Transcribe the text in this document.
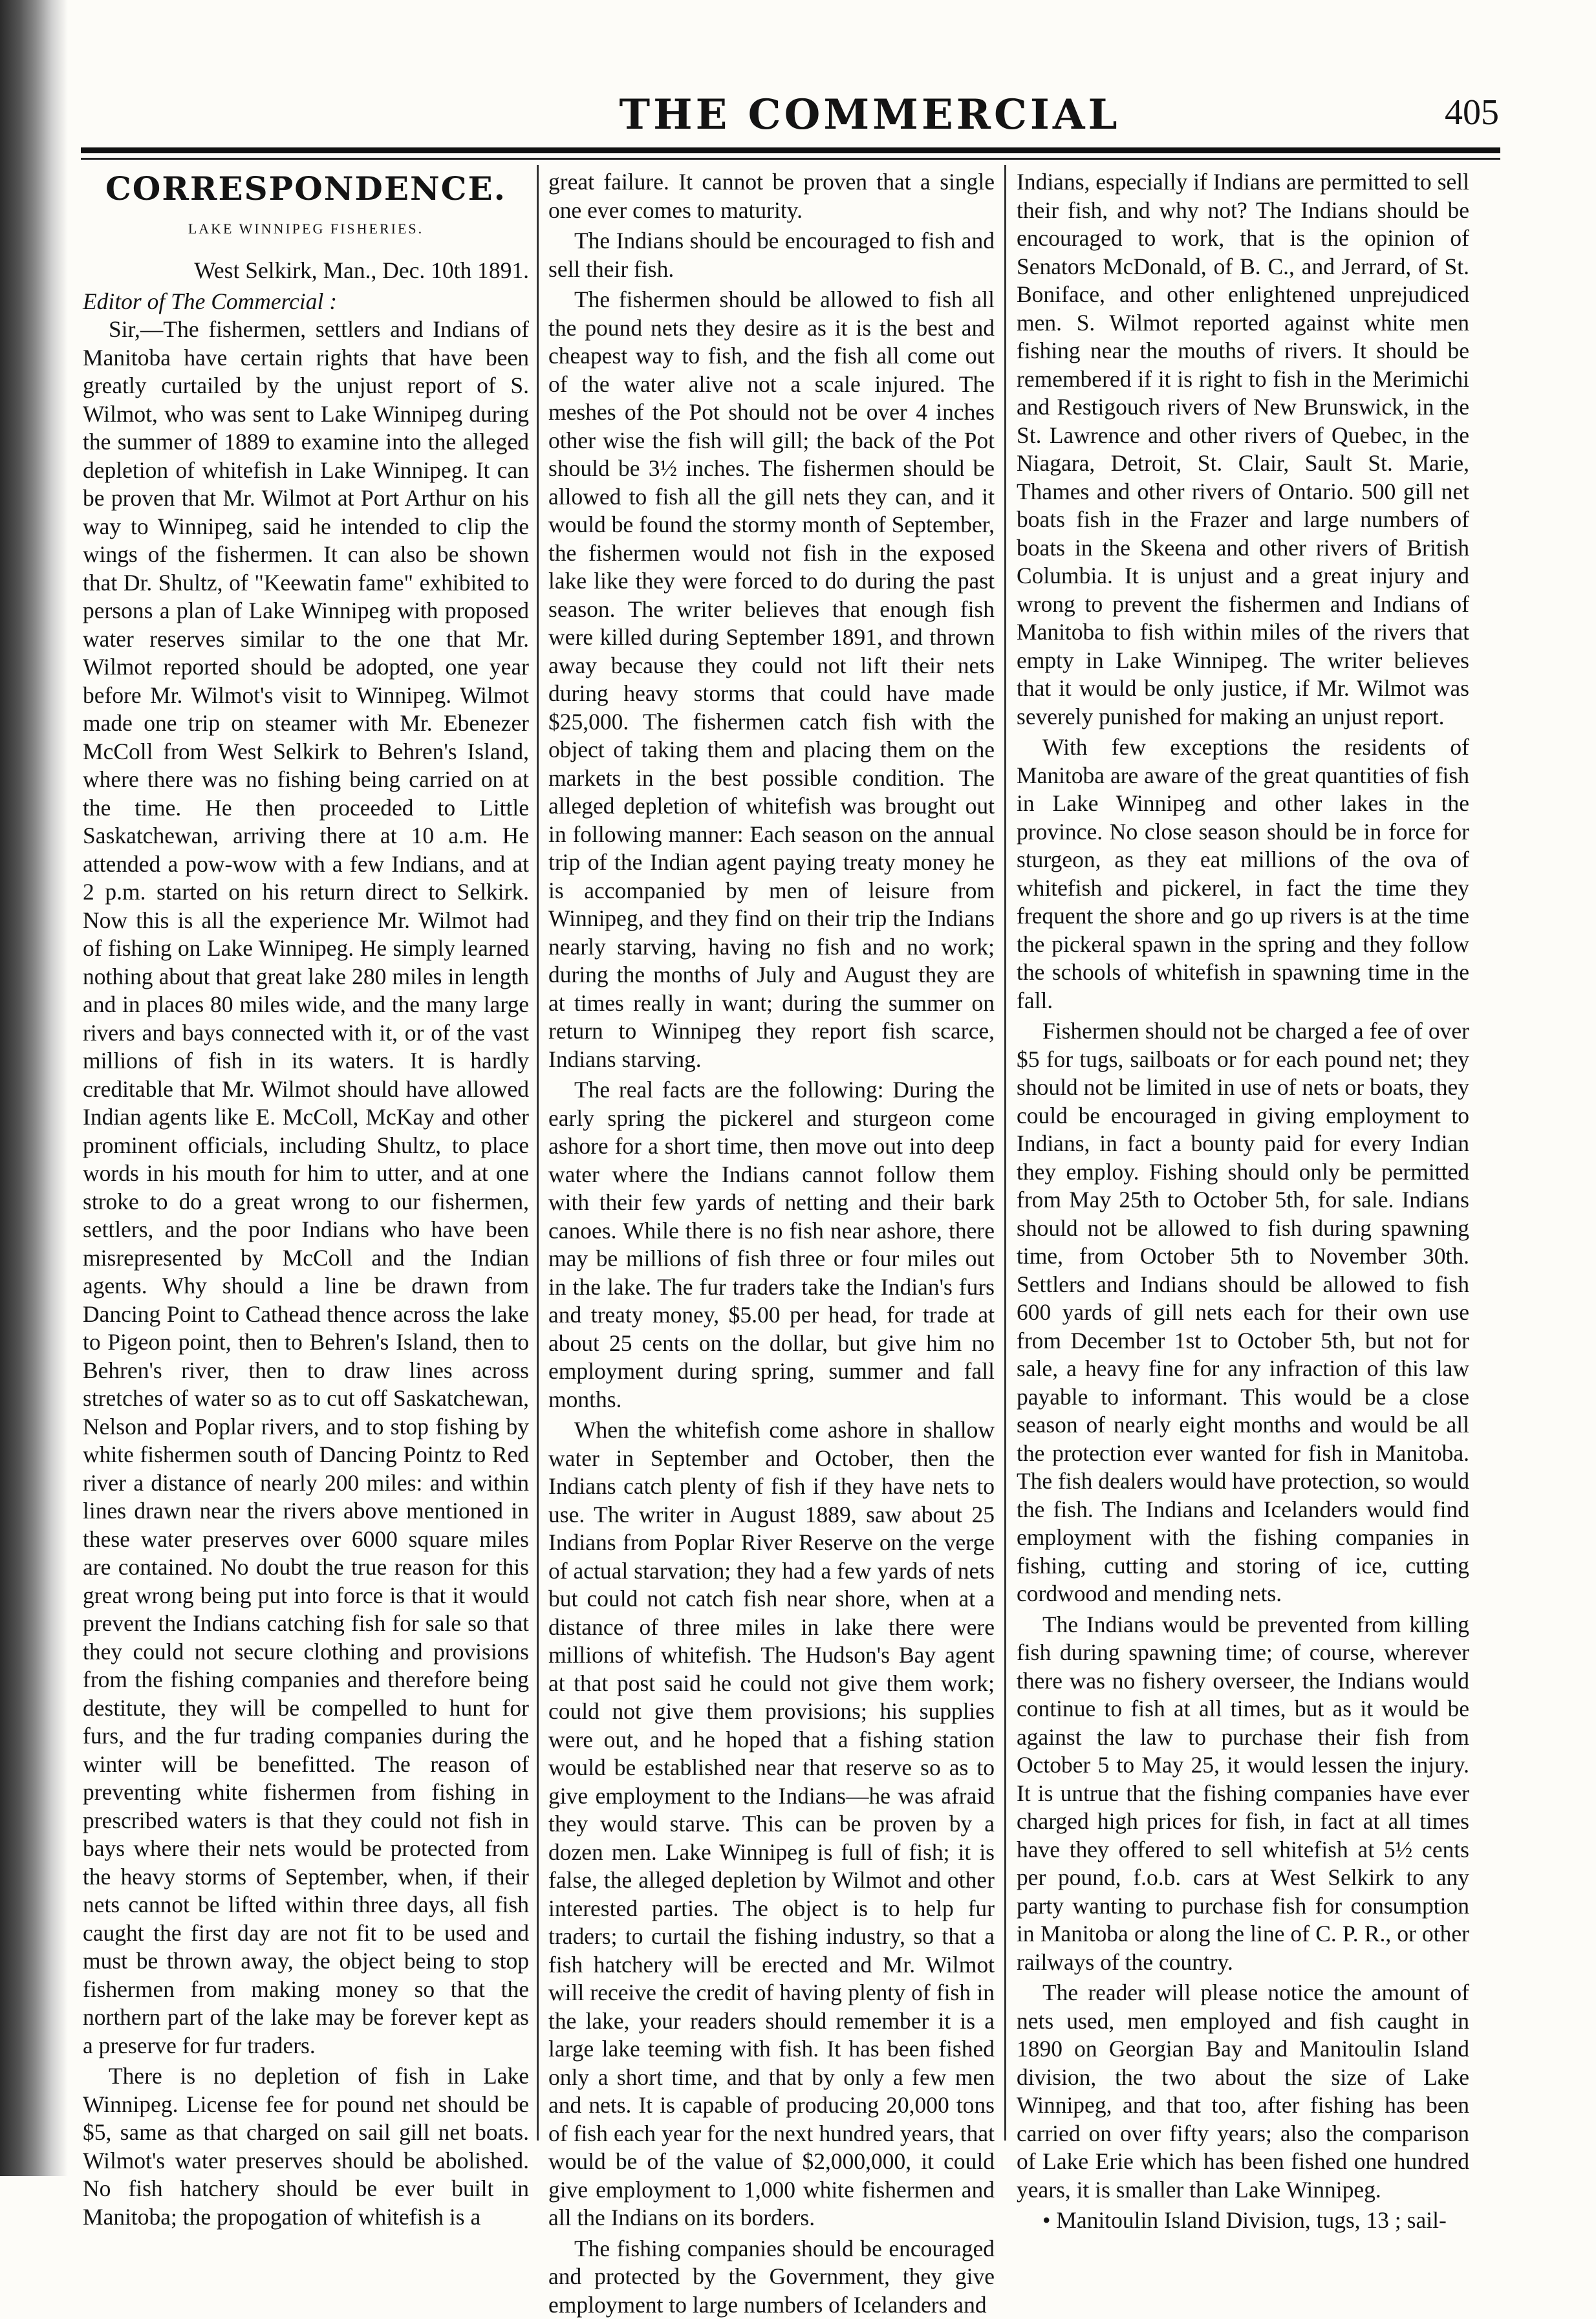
THE COMMERCIAL	405
CORRESPONDENCE.
LAKE WINNIPEG FISHERIES.
West Selkirk, Man., Dec. 10th 1891.
Editor of The Commercial :

Sir,—The fishermen, settlers and Indians of Manitoba have certain rights that have been greatly curtailed by the unjust report of S. Wilmot, who was sent to Lake Winnipeg during the summer of 1889 to examine into the alleged depletion of whitefish in Lake Winnipeg. It can be proven that Mr. Wilmot at Port Arthur on his way to Winnipeg, said he intended to clip the wings of the fishermen. It can also be shown that Dr. Shultz, of "Keewatin fame" exhibited to persons a plan of Lake Winnipeg with proposed water reserves similar to the one that Mr. Wilmot reported should be adopted, one year before Mr. Wilmot's visit to Winnipeg. Wilmot made one trip on steamer with Mr. Ebenezer McColl from West Selkirk to Behren's Island, where there was no fishing being carried on at the time. He then proceeded to Little Saskatchewan, arriving there at 10 a.m. He attended a pow-wow with a few Indians, and at 2 p.m. started on his return direct to Selkirk. Now this is all the experience Mr. Wilmot had of fishing on Lake Winnipeg. He simply learned nothing about that great lake 280 miles in length and in places 80 miles wide, and the many large rivers and bays connected with it, or of the vast millions of fish in its waters. It is hardly creditable that Mr. Wilmot should have allowed Indian agents like E. McColl, McKay and other prominent officials, including Shultz, to place words in his mouth for him to utter, and at one stroke to do a great wrong to our fishermen, settlers, and the poor Indians who have been misrepresented by McColl and the Indian agents. Why should a line be drawn from Dancing Point to Cathead thence across the lake to Pigeon point, then to Behren's Island, then to Behren's river, then to draw lines across stretches of water so as to cut off Saskatchewan, Nelson and Poplar rivers, and to stop fishing by white fishermen south of Dancing Pointz to Red river a distance of nearly 200 miles: and within lines drawn near the rivers above mentioned in these water preserves over 6000 square miles are contained. No doubt the true reason for this great wrong being put into force is that it would prevent the Indians catching fish for sale so that they could not secure clothing and provisions from the fishing companies and therefore being destitute, they will be compelled to hunt for furs, and the fur trading companies during the winter will be benefitted. The reason of preventing white fishermen from fishing in prescribed waters is that they could not fish in bays where their nets would be protected from the heavy storms of September, when, if their nets cannot be lifted within three days, all fish caught the first day are not fit to be used and must be thrown away, the object being to stop fishermen from making money so that the northern part of the lake may be forever kept as a preserve for fur traders.

There is no depletion of fish in Lake Winnipeg. License fee for pound net should be $5, same as that charged on sail gill net boats. Wilmot's water preserves should be abolished. No fish hatchery should be ever built in Manitoba; the propogation of whitefish is a

great failure. It cannot be proven that a single one ever comes to maturity.

The Indians should be encouraged to fish and sell their fish.

The fishermen should be allowed to fish all the pound nets they desire as it is the best and cheapest way to fish, and the fish all come out of the water alive not a scale injured. The meshes of the Pot should not be over 4 inches other wise the fish will gill; the back of the Pot should be 3½ inches. The fishermen should be allowed to fish all the gill nets they can, and it would be found the stormy month of September, the fishermen would not fish in the exposed lake like they were forced to do during the past season. The writer believes that enough fish were killed during September 1891, and thrown away because they could not lift their nets during heavy storms that could have made $25,000. The fishermen catch fish with the object of taking them and placing them on the markets in the best possible condition. The alleged depletion of whitefish was brought out in following manner: Each season on the annual trip of the Indian agent paying treaty money he is accompanied by men of leisure from Winnipeg, and they find on their trip the Indians nearly starving, having no fish and no work; during the months of July and August they are at times really in want; during the summer on return to Winnipeg they report fish scarce, Indians starving.

The real facts are the following: During the early spring the pickerel and sturgeon come ashore for a short time, then move out into deep water where the Indians cannot follow them with their few yards of netting and their bark canoes. While there is no fish near ashore, there may be millions of fish three or four miles out in the lake. The fur traders take the Indian's furs and treaty money, $5.00 per head, for trade at about 25 cents on the dollar, but give him no employment during spring, summer and fall months.

When the whitefish come ashore in shallow water in September and October, then the Indians catch plenty of fish if they have nets to use. The writer in August 1889, saw about 25 Indians from Poplar River Reserve on the verge of actual starvation; they had a few yards of nets but could not catch fish near shore, when at a distance of three miles in lake there were millions of whitefish. The Hudson's Bay agent at that post said he could not give them work; could not give them provisions; his supplies were out, and he hoped that a fishing station would be established near that reserve so as to give employment to the Indians—he was afraid they would starve. This can be proven by a dozen men. Lake Winnipeg is full of fish; it is false, the alleged depletion by Wilmot and other interested parties. The object is to help fur traders; to curtail the fishing industry, so that a fish hatchery will be erected and Mr. Wilmot will receive the credit of having plenty of fish in the lake, your readers should remember it is a large lake teeming with fish. It has been fished only a short time, and that by only a few men and nets. It is capable of producing 20,000 tons of fish each year for the next hundred years, that would be of the value of $2,000,000, it could give employment to 1,000 white fishermen and all the Indians on its borders.

The fishing companies should be encouraged and protected by the Government, they give employment to large numbers of Icelanders and

Indians, especially if Indians are permitted to sell their fish, and why not? The Indians should be encouraged to work, that is the opinion of Senators McDonald, of B. C., and Jerrard, of St. Boniface, and other enlightened unprejudiced men. S. Wilmot reported against white men fishing near the mouths of rivers. It should be remembered if it is right to fish in the Merimichi and Restigouch rivers of New Brunswick, in the St. Lawrence and other rivers of Quebec, in the Niagara, Detroit, St. Clair, Sault St. Marie, Thames and other rivers of Ontario. 500 gill net boats fish in the Frazer and large numbers of boats in the Skeena and other rivers of British Columbia. It is unjust and a great injury and wrong to prevent the fishermen and Indians of Manitoba to fish within miles of the rivers that empty in Lake Winnipeg. The writer believes that it would be only justice, if Mr. Wilmot was severely punished for making an unjust report.

With few exceptions the residents of Manitoba are aware of the great quantities of fish in Lake Winnipeg and other lakes in the province. No close season should be in force for sturgeon, as they eat millions of the ova of whitefish and pickerel, in fact the time they frequent the shore and go up rivers is at the time the pickeral spawn in the spring and they follow the schools of whitefish in spawning time in the fall.

Fishermen should not be charged a fee of over $5 for tugs, sailboats or for each pound net; they should not be limited in use of nets or boats, they could be encouraged in giving employment to Indians, in fact a bounty paid for every Indian they employ. Fishing should only be permitted from May 25th to October 5th, for sale. Indians should not be allowed to fish during spawning time, from October 5th to November 30th. Settlers and Indians should be allowed to fish 600 yards of gill nets each for their own use from December 1st to October 5th, but not for sale, a heavy fine for any infraction of this law payable to informant. This would be a close season of nearly eight months and would be all the protection ever wanted for fish in Manitoba. The fish dealers would have protection, so would the fish. The Indians and Icelanders would find employment with the fishing companies in fishing, cutting and storing of ice, cutting cordwood and mending nets.

The Indians would be prevented from killing fish during spawning time; of course, wherever there was no fishery overseer, the Indians would continue to fish at all times, but as it would be against the law to purchase their fish from October 5 to May 25, it would lessen the injury. It is untrue that the fishing companies have ever charged high prices for fish, in fact at all times have they offered to sell whitefish at 5½ cents per pound, f.o.b. cars at West Selkirk to any party wanting to purchase fish for consumption in Manitoba or along the line of C. P. R., or other railways of the country.

The reader will please notice the amount of nets used, men employed and fish caught in 1890 on Georgian Bay and Manitoulin Island division, the two about the size of Lake Winnipeg, and that too, after fishing has been carried on over fifty years; also the comparison of Lake Erie which has been fished one hundred years, it is smaller than Lake Winnipeg.

• Manitoulin Island Division, tugs, 13 ; sail-
